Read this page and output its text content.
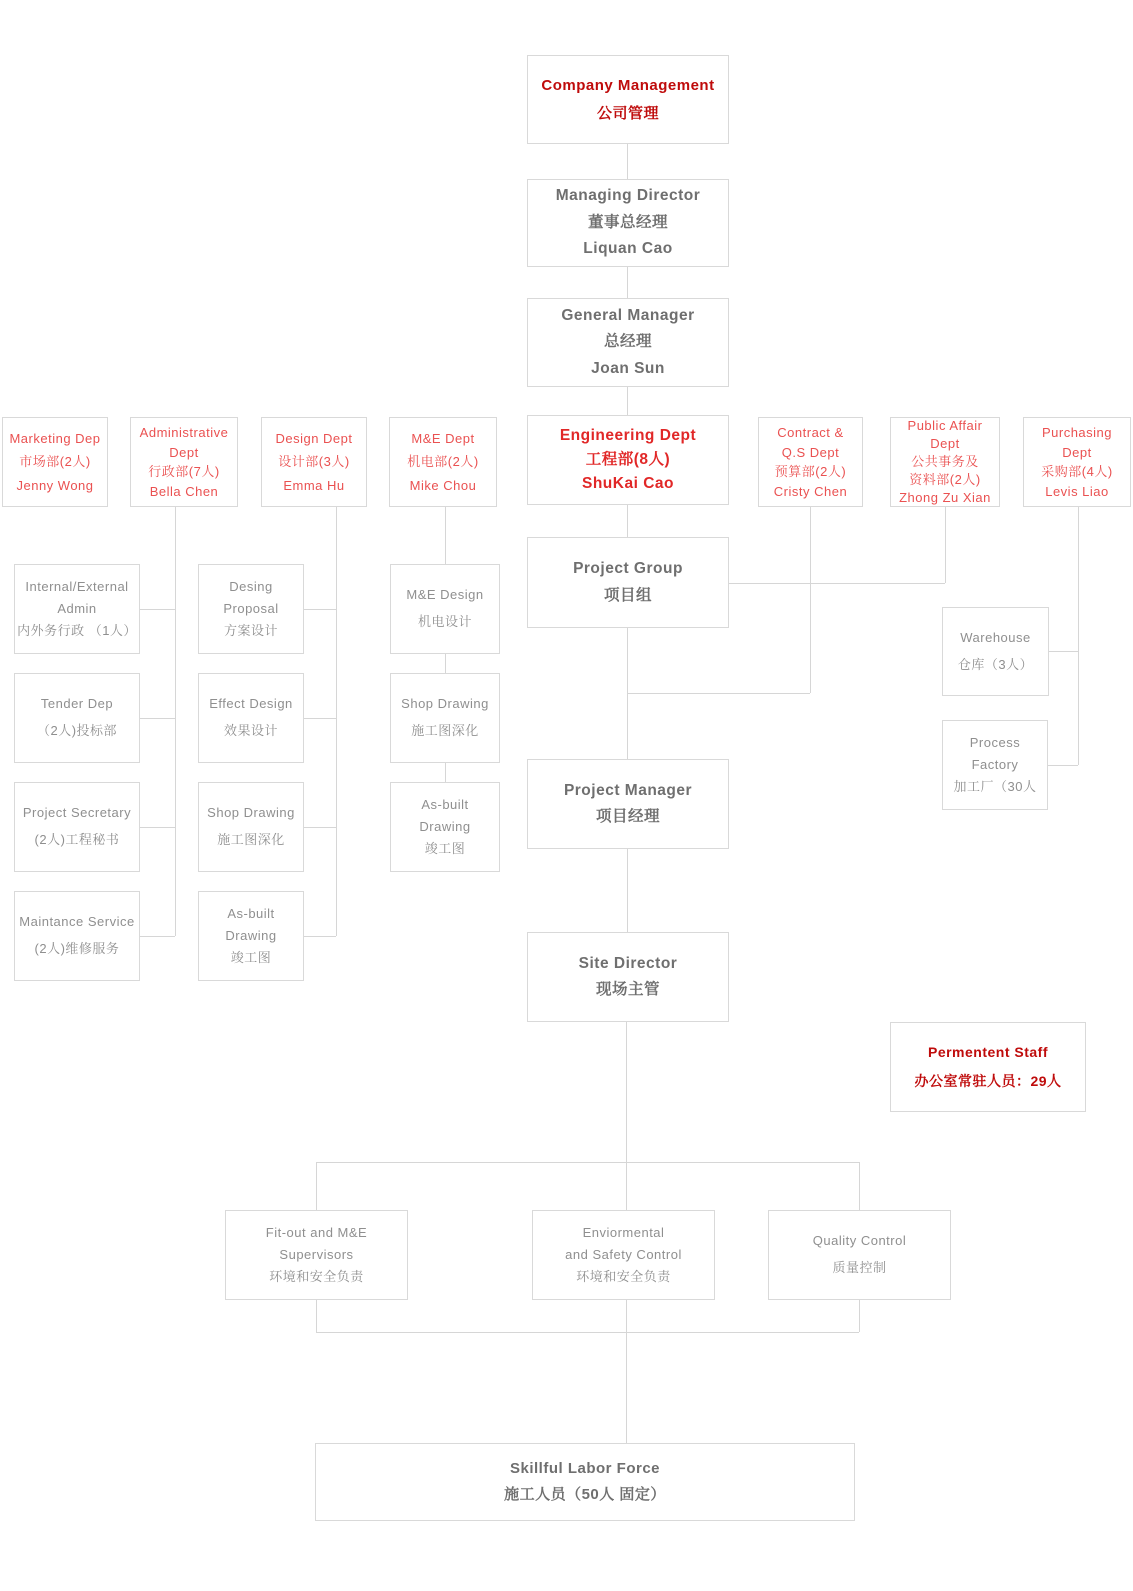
Company Management
公司管理
Managing Director
董事总经理
Liquan Cao
General Manager
总经理
Joan Sun
Engineering Dept
工程部(8人)
ShuKai Cao
Project Group
项目组
Project Manager
项目经理
Site Director
现场主管
Marketing Dep
市场部(2人)
Jenny Wong
Administrative
Dept
行政部(7人)
Bella Chen
Design Dept
设计部(3人)
Emma Hu
M&E Dept
机电部(2人)
Mike Chou
Contract &
Q.S Dept
预算部(2人)
Cristy Chen
Public Affair
Dept
公共事务及
资料部(2人)
Zhong Zu Xian
Purchasing
Dept
采购部(4人)
Levis Liao
Internal/External
Admin
内外务行政 （1人）
Tender Dep
（2人)投标部
Project Secretary
(2人)工程秘书
Maintance Service
(2人)维修服务
Desing
Proposal
方案设计
Effect Design
效果设计
Shop Drawing
施工图深化
As-built
Drawing
竣工图
M&E Design
机电设计
Shop Drawing
施工图深化
As-built
Drawing
竣工图
Warehouse
仓库（3人）
Process
Factory
加工厂（30人
Permentent Staff
办公室常驻人员：29人
Fit-out and M&E
Supervisors
环境和安全负责
Enviormental
and Safety Control
环境和安全负责
Quality Control
质量控制
Skillful Labor Force
施工人员（50人 固定）
